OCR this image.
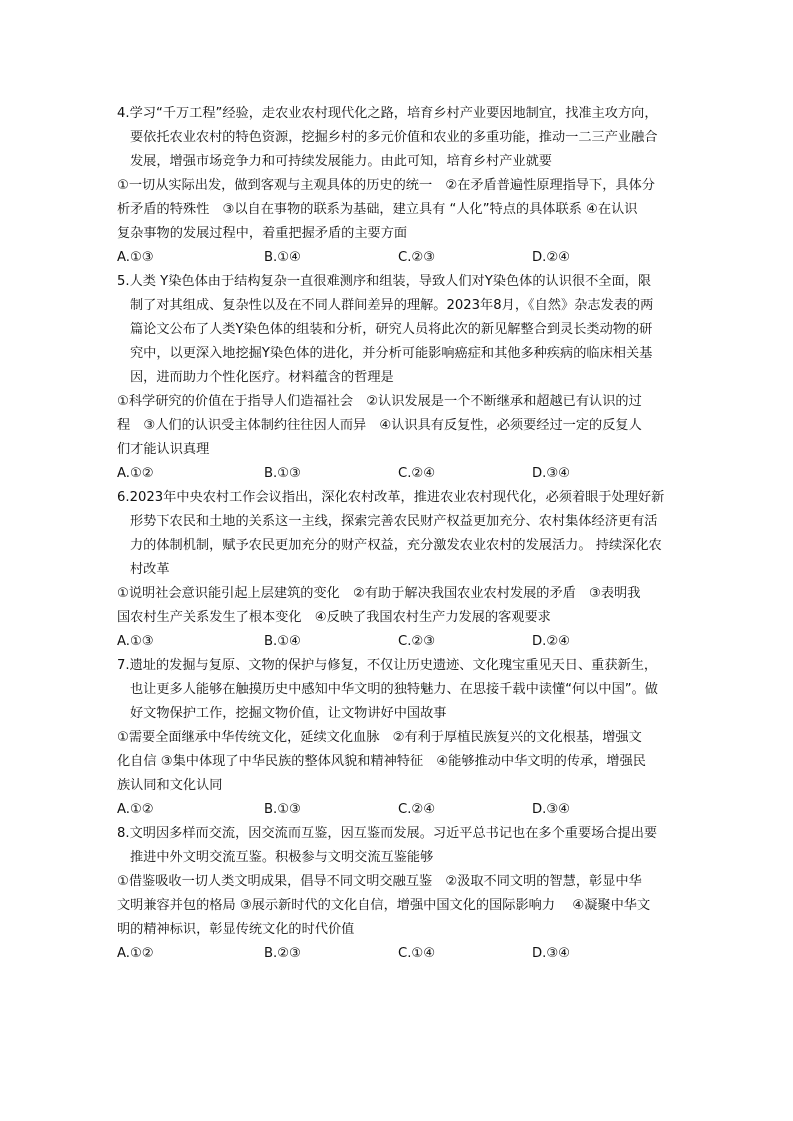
4.学习“千万工程”经验，走农业农村现代化之路，培育乡村产业要因地制宜，找准主攻方向，
要依托农业农村的特色资源，挖掘乡村的多元价值和农业的多重功能，推动一二三产业融合
发展，增强市场竞争力和可持续发展能力。由此可知，培育乡村产业就要
①一切从实际出发，做到客观与主观具体的历史的统一　②在矛盾普遍性原理指导下，具体分
析矛盾的特殊性　③以自在事物的联系为基础，建立具有 “人化”特点的具体联系 ④在认识
复杂事物的发展过程中，着重把握矛盾的主要方面
A.①③	B.①④	C.②③	D.②④
5.人类 Y染色体由于结构复杂一直很难测序和组装，导致人们对Y染色体的认识很不全面，限
制了对其组成、复杂性以及在不同人群间差异的理解。2023年8月，《自然》杂志发表的两
篇论文公布了人类Y染色体的组装和分析，研究人员将此次的新见解整合到灵长类动物的研
究中，以更深入地挖掘Y染色体的进化，并分析可能影响癌症和其他多种疾病的临床相关基
因，进而助力个性化医疗。材料蕴含的哲理是
①科学研究的价值在于指导人们造福社会　②认识发展是一个不断继承和超越已有认识的过
程　③人们的认识受主体制约往往因人而异　④认识具有反复性，必须要经过一定的反复人
们才能认识真理
A.①②	B.①③	C.②④	D.③④
6.2023年中央农村工作会议指出，深化农村改革，推进农业农村现代化，必须着眼于处理好新
形势下农民和土地的关系这一主线，探索完善农民财产权益更加充分、农村集体经济更有活
力的体制机制，赋予农民更加充分的财产权益，充分激发农业农村的发展活力。 持续深化农
村改革
①说明社会意识能引起上层建筑的变化　②有助于解决我国农业农村发展的矛盾　③表明我
国农村生产关系发生了根本变化　④反映了我国农村生产力发展的客观要求
A.①③	B.①④	C.②③	D.②④
7.遗址的发掘与复原、文物的保护与修复，不仅让历史遗迹、文化瑰宝重见天日、重获新生，
也让更多人能够在触摸历史中感知中华文明的独特魅力、在思接千载中读懂“何以中国”。做
好文物保护工作，挖掘文物价值，让文物讲好中国故事
①需要全面继承中华传统文化，延续文化血脉　②有利于厚植民族复兴的文化根基，增强文
化自信 ③集中体现了中华民族的整体风貌和精神特征　④能够推动中华文明的传承，增强民
族认同和文化认同
A.①②	B.①③	C.②④	D.③④
8.文明因多样而交流，因交流而互鉴，因互鉴而发展。习近平总书记也在多个重要场合提出要
推进中外文明交流互鉴。积极参与文明交流互鉴能够
①借鉴吸收一切人类文明成果，倡导不同文明交融互鉴　②汲取不同文明的智慧，彰显中华
文明兼容并包的格局 ③展示新时代的文化自信，增强中国文化的国际影响力　 ④凝聚中华文
明的精神标识，彰显传统文化的时代价值
A.①②	B.②③	C.①④	D.③④
